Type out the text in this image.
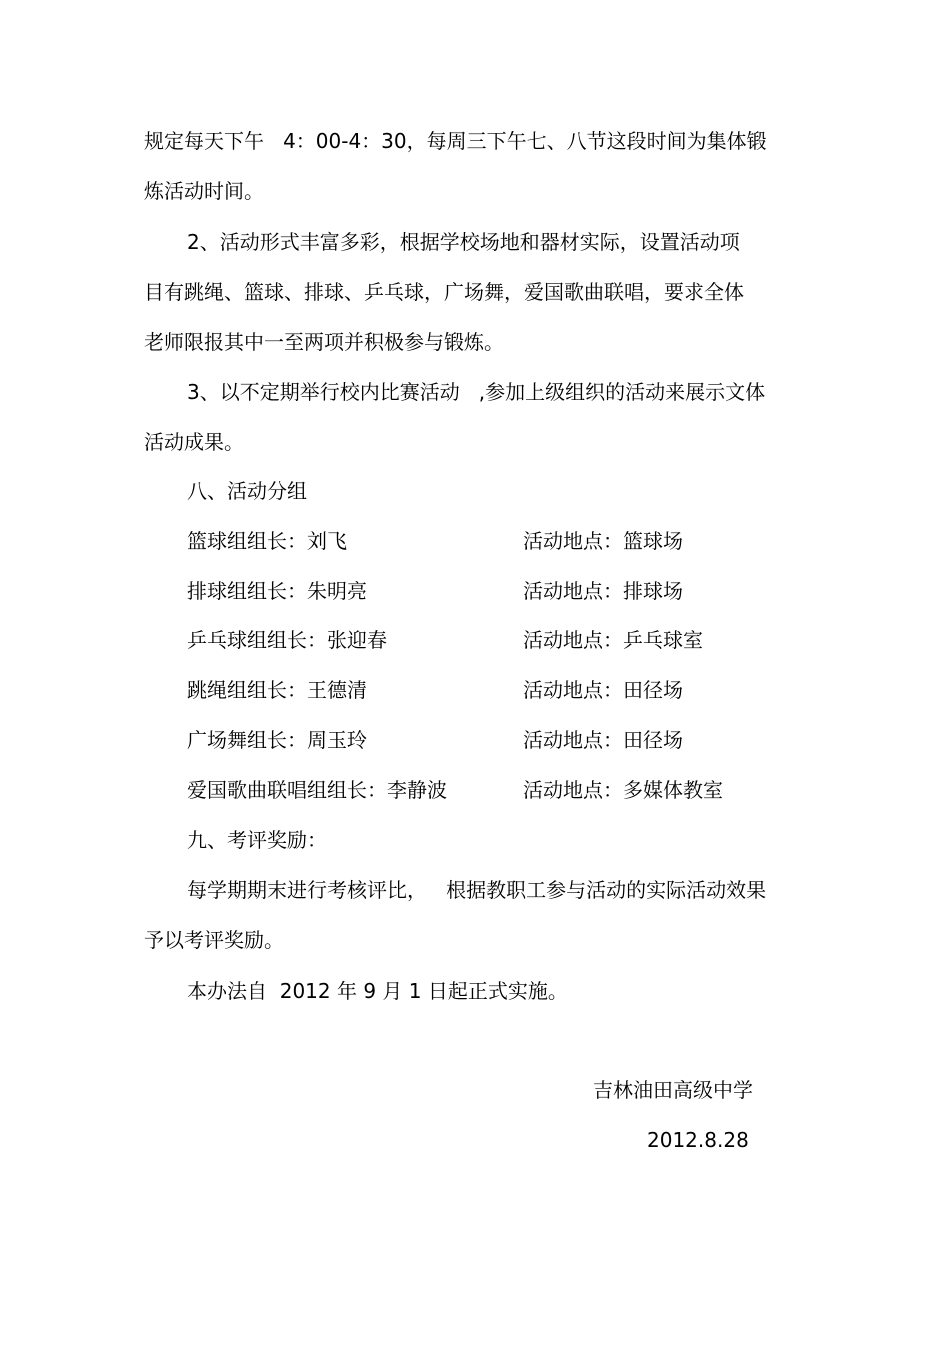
规定每天下午   4：00-4：30，每周三下午七、八节这段时间为集体锻
炼活动时间。
2、活动形式丰富多彩，根据学校场地和器材实际，设置活动项
目有跳绳、篮球、排球、乒乓球，广场舞，爱国歌曲联唱，要求全体
老师限报其中一至两项并积极参与锻炼。
3、以不定期举行校内比赛活动   ,参加上级组织的活动来展示文体
活动成果。
八、活动分组
篮球组组长：刘飞	活动地点：篮球场
排球组组长：朱明亮	活动地点：排球场
乒乓球组组长：张迎春	活动地点：乒乓球室
跳绳组组长：王德清	活动地点：田径场
广场舞组长：周玉玲	活动地点：田径场
爱国歌曲联唱组组长：李静波	活动地点：多媒体教室
九、考评奖励：
每学期期末进行考核评比，   根据教职工参与活动的实际活动效果
予以考评奖励。
本办法自  2012 年 9 月 1 日起正式实施。
吉林油田高级中学
2012.8.28
